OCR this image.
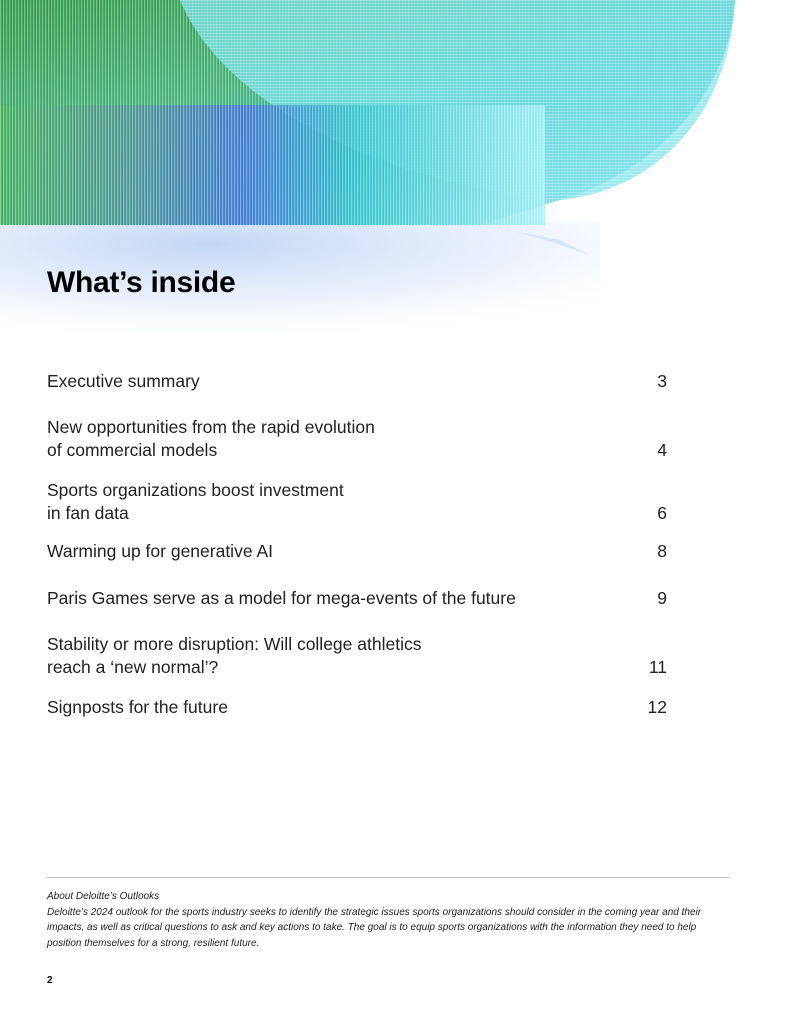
What’s inside
Executive summary	3
New opportunities from the rapid evolution
of commercial models	4
Sports organizations boost investment
in fan data	6
Warming up for generative AI	8
Paris Games serve as a model for mega-events of the future	9
Stability or more disruption: Will college athletics
reach a ‘new normal’?	11
Signposts for the future	12

About Deloitte’s Outlooks

Deloitte’s 2024 outlook for the sports industry seeks to identify the strategic issues sports organizations should consider in the coming year and their impacts, as well as critical questions to ask and key actions to take. The goal is to equip sports organizations with the information they need to help position themselves for a strong, resilient future.

2
